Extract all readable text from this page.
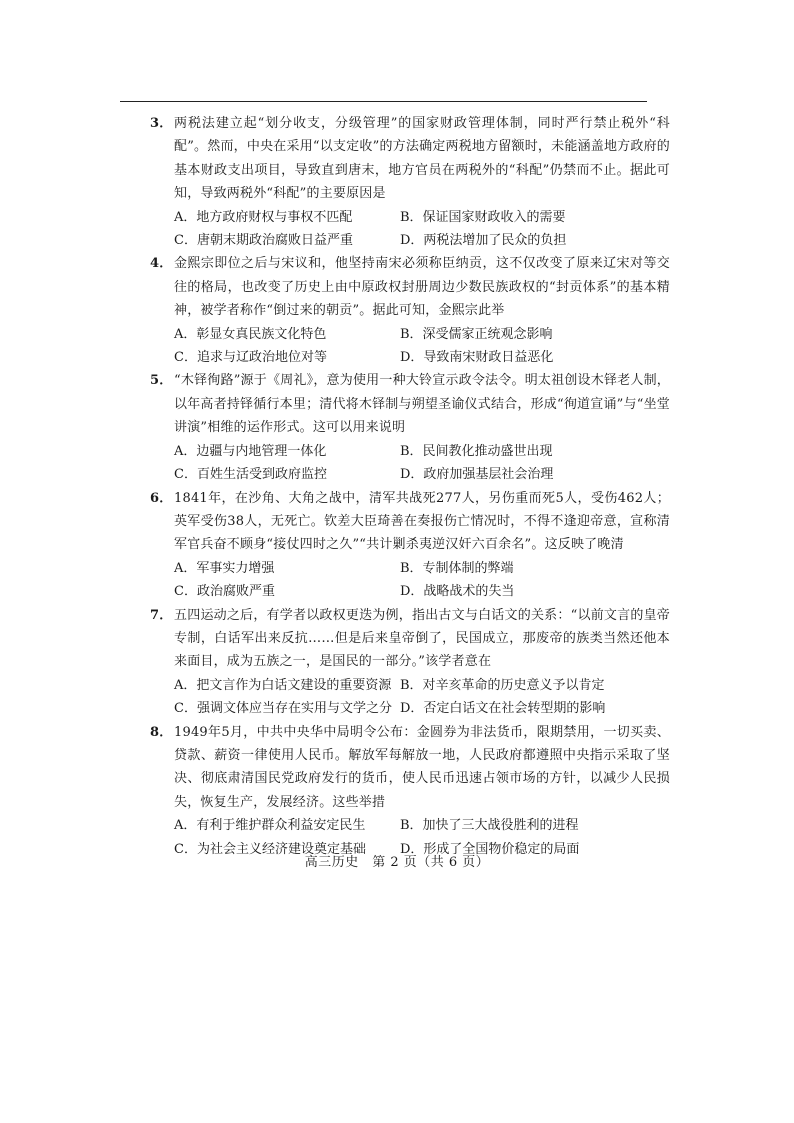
3． 两税法建立起“划分收支，分级管理”的国家财政管理体制，同时严行禁止税外“科配”。然而，中央在采用“以支定收”的方法确定两税地方留额时，未能涵盖地方政府的基本财政支出项目，导致直到唐末，地方官员在两税外的“科配”仍禁而不止。据此可知，导致两税外“科配”的主要原因是
A．地方政府财权与事权不匹配	B．保证国家财政收入的需要
C．唐朝末期政治腐败日益严重	D．两税法增加了民众的负担
4． 金熙宗即位之后与宋议和，他坚持南宋必须称臣纳贡，这不仅改变了原来辽宋对等交往的格局，也改变了历史上由中原政权封册周边少数民族政权的“封贡体系”的基本精神，被学者称作“倒过来的朝贡”。据此可知，金熙宗此举
A．彰显女真民族文化特色	B．深受儒家正统观念影响
C．追求与辽政治地位对等	D．导致南宋财政日益恶化
5． “木铎徇路”源于《周礼》，意为使用一种大铃宣示政令法令。明太祖创设木铎老人制，以年高者持铎循行本里；清代将木铎制与朔望圣谕仪式结合，形成“徇道宣诵”与“坐堂讲演”相维的运作形式。这可以用来说明
A．边疆与内地管理一体化	B．民间教化推动盛世出现
C．百姓生活受到政府监控	D．政府加强基层社会治理
6． 1841年，在沙角、大角之战中，清军共战死277人，另伤重而死5人，受伤462人；英军受伤38人，无死亡。钦差大臣琦善在奏报伤亡情况时，不得不逢迎帝意，宣称清军官兵奋不顾身“接仗四时之久”“共计剿杀夷逆汉奸六百余名”。这反映了晚清
A．军事实力增强	B．专制体制的弊端
C．政治腐败严重	D．战略战术的失当
7． 五四运动之后，有学者以政权更迭为例，指出古文与白话文的关系：“以前文言的皇帝专制，白话军出来反抗……但是后来皇帝倒了，民国成立，那废帝的族类当然还他本来面目，成为五族之一，是国民的一部分。”该学者意在
A．把文言作为白话文建设的重要资源 B．对辛亥革命的历史意义予以肯定
C．强调文体应当存在实用与文学之分 D．否定白话文在社会转型期的影响
8． 1949年5月，中共中央华中局明令公布：金圆券为非法货币，限期禁用，一切买卖、贷款、薪资一律使用人民币。解放军每解放一地，人民政府都遵照中央指示采取了坚决、彻底肃清国民党政府发行的货币，使人民币迅速占领市场的方针，以减少人民损失，恢复生产，发展经济。这些举措
A．有利于维护群众利益安定民生	B．加快了三大战役胜利的进程
C．为社会主义经济建设奠定基础	D．形成了全国物价稳定的局面
高三历史　第 2 页（共 6 页）
